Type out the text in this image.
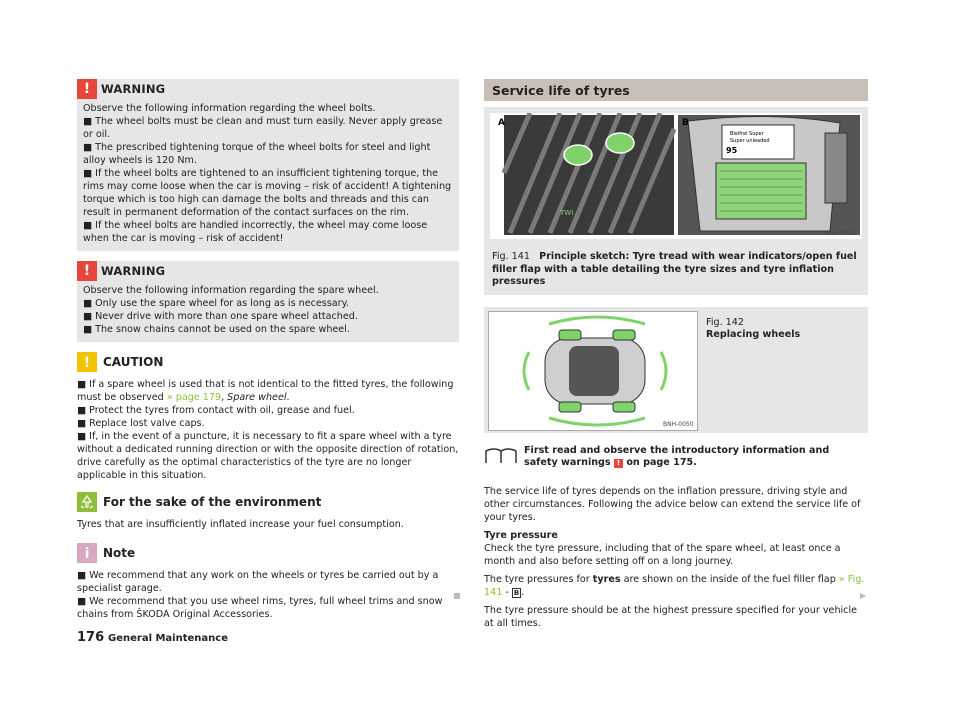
! WARNING
Observe the following information regarding the wheel bolts.
■ The wheel bolts must be clean and must turn easily. Never apply grease or oil.
■ The prescribed tightening torque of the wheel bolts for steel and light alloy wheels is 120 Nm.
■ If the wheel bolts are tightened to an insufficient tightening torque, the rims may come loose when the car is moving – risk of accident! A tightening torque which is too high can damage the bolts and threads and this can result in permanent deformation of the contact surfaces on the rim.
■ If the wheel bolts are handled incorrectly, the wheel may come loose when the car is moving – risk of accident!
! WARNING
Observe the following information regarding the spare wheel.
■ Only use the spare wheel for as long as is necessary.
■ Never drive with more than one spare wheel attached.
■ The snow chains cannot be used on the spare wheel.
! CAUTION
■ If a spare wheel is used that is not identical to the fitted tyres, the following must be observed » page 179, Spare wheel.
■ Protect the tyres from contact with oil, grease and fuel.
■ Replace lost valve caps.
■ If, in the event of a puncture, it is necessary to fit a spare wheel with a tyre without a dedicated running direction or with the opposite direction of rotation, drive carefully as the optimal characteristics of the tyre are no longer applicable in this situation.
For the sake of the environment
Tyres that are insufficiently inflated increase your fuel consumption.
i Note
■ We recommend that any work on the wheels or tyres be carried out by a specialist garage.
■ We recommend that you use wheel rims, tyres, full wheel trims and snow chains from ŠKODA Original Accessories.
■
Service life of tyres
TWI
Bleifrei Super
Super unleaded
95
A	B
B5E-0214
Fig. 141 Principle sketch: Tyre tread with wear indicators/open fuel filler flap with a table detailing the tyre sizes and tyre inflation pressures
BNH-0050
Fig. 142
Replacing wheels
First read and observe the introductory information and safety warnings ! on page 175.

The service life of tyres depends on the inflation pressure, driving style and other circumstances. Following the advice below can extend the service life of your tyres.

Tyre pressure
Check the tyre pressure, including that of the spare wheel, at least once a month and also before setting off on a long journey.

The tyre pressures for tyres are shown on the inside of the fuel filler flap » Fig. 141 - B .

The tyre pressure should be at the highest pressure specified for your vehicle at all times.

▶
176 General Maintenance
